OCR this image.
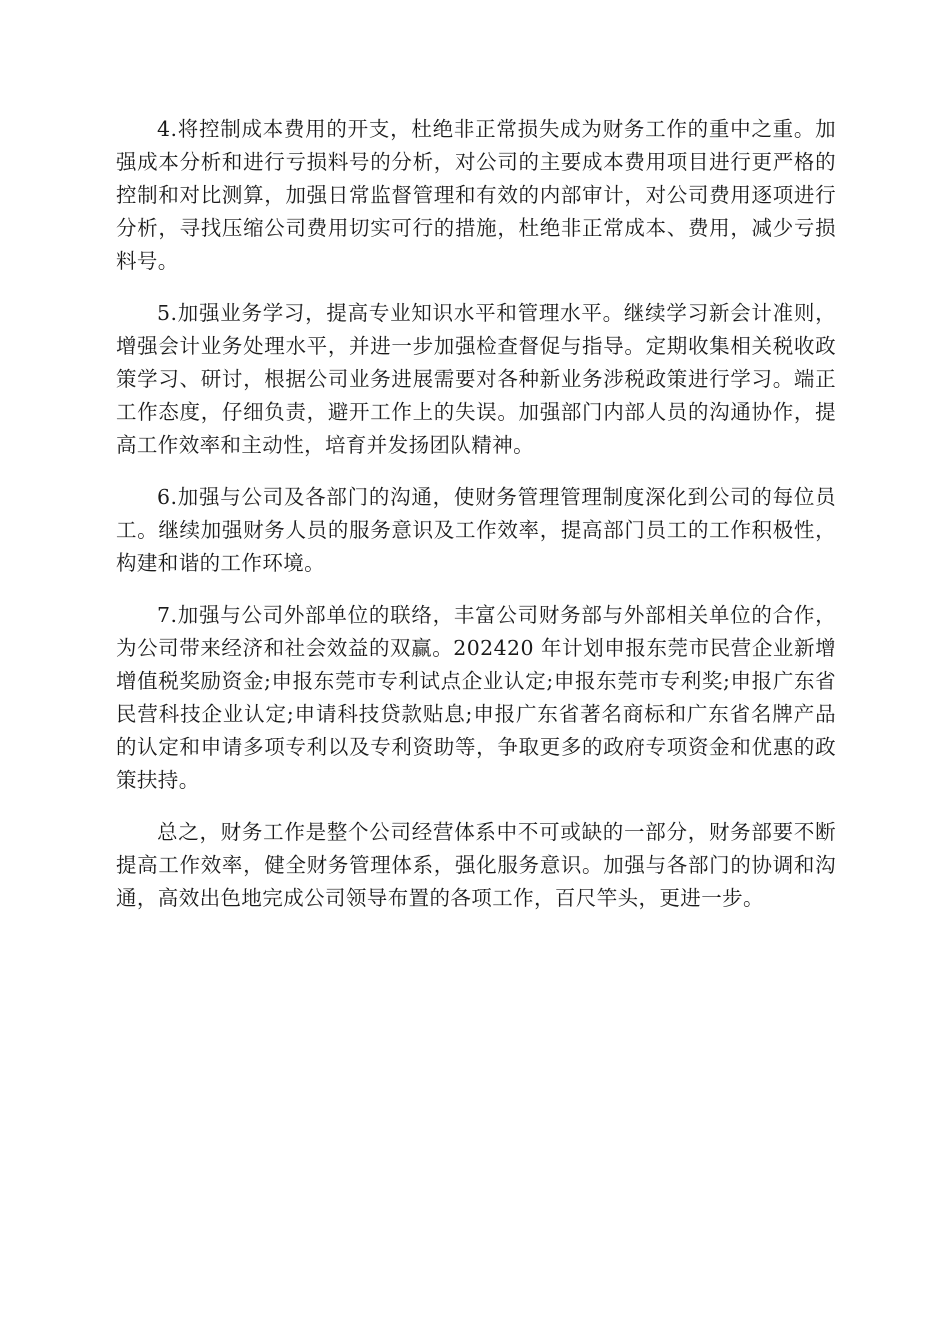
4.将控制成本费用的开支，杜绝非正常损失成为财务工作的重中之重。加强成本分析和进行亏损料号的分析，对公司的主要成本费用项目进行更严格的控制和对比测算，加强日常监督管理和有效的内部审计，对公司费用逐项进行分析，寻找压缩公司费用切实可行的措施，杜绝非正常成本、费用，减少亏损料号。

5.加强业务学习，提高专业知识水平和管理水平。继续学习新会计准则，增强会计业务处理水平，并进一步加强检查督促与指导。定期收集相关税收政策学习、研讨，根据公司业务进展需要对各种新业务涉税政策进行学习。端正工作态度，仔细负责，避开工作上的失误。加强部门内部人员的沟通协作，提高工作效率和主动性，培育并发扬团队精神。

6.加强与公司及各部门的沟通，使财务管理管理制度深化到公司的每位员工。继续加强财务人员的服务意识及工作效率，提高部门员工的工作积极性，构建和谐的工作环境。

7.加强与公司外部单位的联络，丰富公司财务部与外部相关单位的合作，为公司带来经济和社会效益的双赢。202420 年计划申报东莞市民营企业新增增值税奖励资金;申报东莞市专利试点企业认定;申报东莞市专利奖;申报广东省民营科技企业认定;申请科技贷款贴息;申报广东省著名商标和广东省名牌产品的认定和申请多项专利以及专利资助等，争取更多的政府专项资金和优惠的政策扶持。

总之，财务工作是整个公司经营体系中不可或缺的一部分，财务部要不断提高工作效率，健全财务管理体系，强化服务意识。加强与各部门的协调和沟通，高效出色地完成公司领导布置的各项工作，百尺竿头，更进一步。
